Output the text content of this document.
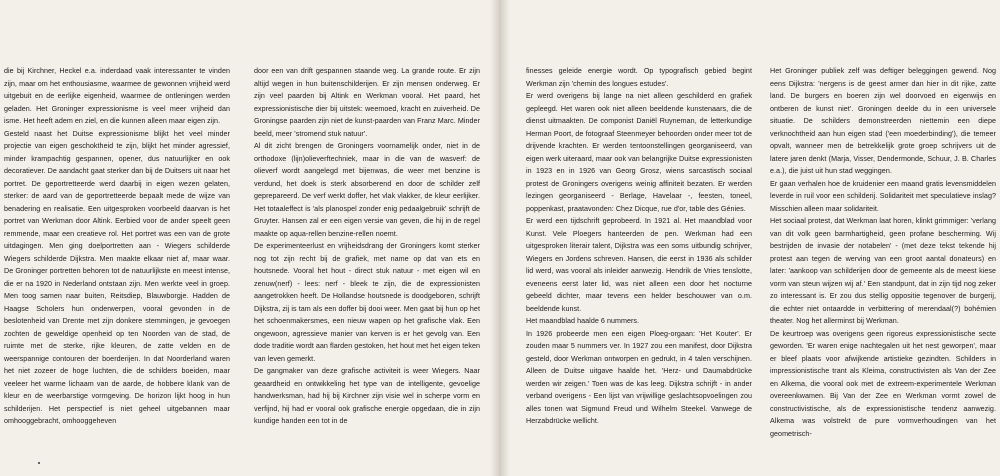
die bij Kirchner, Heckel e.a. inderdaad vaak interessanter te vinden zijn, maar om het enthousiasme, waarmee de gewonnen vrijheid werd uitgebuit en de eerlijke eigenheid, waarmee de ontleningen werden geladen. Het Groninger expressionisme is veel meer vrijheid dan isme. Het heeft adem en ziel, en die kunnen alleen maar eigen zijn.

Gesteld naast het Duitse expressionisme blijkt het veel minder projectie van eigen geschoktheid te zijn, blijkt het minder agressief, minder krampachtig gespannen, opener, dus natuurlijker en ook decoratiever. De aandacht gaat sterker dan bij de Duitsers uit naar het portret. De geportretteerde werd daarbij in eigen wezen gelaten, sterker: de aard van de geportretteerde bepaalt mede de wijze van benadering en realisatie. Een uitgesproken voorbeeld daarvan is het portret van Werkman door Altink. Eerbied voor de ander speelt geen remmende, maar een creatieve rol. Het portret was een van de grote uitdagingen. Men ging doelportretten aan - Wiegers schilderde Wiegers schilderde Dijkstra. Men maakte elkaar niet af, maar waar. De Groninger portretten behoren tot de natuurlijkste en meest intense, die er na 1920 in Nederland ontstaan zijn. Men werkte veel in groep. Men toog samen naar buiten, Reitsdiep, Blauwborgje. Hadden de Haagse Scholers hun onderwerpen, vooral gevonden in de beslotenheid van Drente met zijn donkere stemmingen, je gevoegen zochten de geweldige openheid op ten Noorden van de stad, de ruimte met de sterke, rijke kleuren, de zatte velden en de weerspannige contouren der boerderijen. In dat Noorderland waren het niet zozeer de hoge luchten, die de schilders boeiden, maar veeleer het warme lichaam van de aarde, de hobbere klank van de kleur en de weerbarstige vormgeving. De horizon lijkt hoog in hun schilderijen. Het perspectief is niet geheel uitgebannen maar omhooggebracht, omhooggeheven

door een van drift gespannen staande weg. La grande route. Er zijn altijd wegen in hun buitenschilderijen. Er zijn mensen onderweg. Er zijn veel paarden bij Altink en Werkman vooral. Het paard, het expressionistische dier bij uitstek: weemoed, kracht en zuiverheid. De Groningse paarden zijn niet de kunst-paarden van Franz Marc. Minder beeld, meer 'stromend stuk natuur'.

Al dit zicht brengen de Groningers voornamelijk onder, niet in de orthodoxe (lijn)olieverftechniek, maar in die van de wasverf: de olieverf wordt aangelegd met bijenwas, die weer met benzine is verdund, het doek is sterk absorberend en door de schilder zelf geprepareerd. De verf werkt doffer, het vlak vlakker, de kleur eerlijker. Het totaaleffect is 'als planospel zonder enig pedaalgebruik' schrijft de Gruyter. Hansen zal er een eigen versie van geven, die hij in de regel maakte op aqua-rellen benzine-rellen noemt.

De experimenteerlust en vrijheidsdrang der Groningers komt sterker nog tot zijn recht bij de grafiek, met name op dat van ets en houtsnede. Vooral het hout - direct stuk natuur - met eigen wil en zenuw(nerf) - lees: nerf - bleek te zijn, die de expressionisten aangetrokken heeft. De Hollandse houtsnede is doodgeboren, schrijft Dijkstra, zij is tam als een doffer bij dooi weer. Men gaat bij hun op het het schoenmakersmes, een nieuw wapen op het grafische vlak. Een ongewoon, agressieve manier van kerven is er het gevolg van. Een dode traditie wordt aan flarden gestoken, het hout met het eigen teken van leven gemerkt.

De gangmaker van deze grafische activiteit is weer Wiegers. Naar geaardheid en ontwikkeling het type van de intelligente, gevoelige handwerksman, had hij bij Kirchner zijn visie wel in scherpe vorm en verfijnd, hij had er vooral ook grafische energie opgedaan, die in zijn kundige handen een tot in de

finesses geleide energie wordt. Op typografisch gebied begint Werkman zijn 'chemin des longues estudes'.

Er werd overigens bij lange na niet alleen geschilderd en grafiek gepleegd. Het waren ook niet alleen beeldende kunstenaars, die de dienst uitmaakten. De componist Daniël Ruyneman, de letterkundige Herman Poort, de fotograaf Steenmeyer behoorden onder meer tot de drijvende krachten. Er werden tentoonstellingen georganiseerd, van eigen werk uiteraard, maar ook van belangrijke Duitse expressionisten in 1923 en in 1926 van Georg Grosz, wiens sarcastisch sociaal protest de Groningers overigens weinig affiniteit bezaten. Er werden lezingen georganiseerd - Berlage, Havelaar -, feesten, toneel, poppenkast, praatavonden: Chez Dicque, rue d'or, table des Génies.

Er werd een tijdschrift geprobeerd. In 1921 al. Het maandblad voor Kunst. Vele Ploegers hanteerden de pen. Werkman had een uitgesproken literair talent, Dijkstra was een soms uitbundig schrijver, Wiegers en Jordens schreven. Hansen, die eerst in 1936 als schilder lid werd, was vooral als inleider aanwezig. Hendrik de Vries tenslotte, eveneens eerst later lid, was niet alleen een door het nocturne gebeeld dichter, maar tevens een helder beschouwer van o.m. beeldende kunst.

Het maandblad haalde 6 nummers.

In 1926 probeerde men een eigen Ploeg-orgaan: 'Het Kouter'. Er zouden maar 5 nummers ver. In 1927 zou een manifest, door Dijkstra gesteld, door Werkman ontworpen en gedrukt, in 4 talen verschijnen. Alleen de Duitse uitgave haalde het. 'Herz- und Daumabdrücke werden wir zeigen.' Toen was de kas leeg. Dijkstra schrijft - in ander verband overigens - Een lijst van vrijwillige geslachtsopvoelingen zou alles tonen wat Sigmund Freud und Wilhelm Steekel. Vanwege de Herzabdrücke wellicht.

Het Groninger publiek zelf was deftiger beleggingen gewend. Nog eens Dijkstra: 'nergens is de geest armer dan hier in dit rijke, zatte land. De burgers en boeren zijn wel doorvoed en eigenwijs en ontberen de kunst niet'. Groningen deelde du in een universele situatie. De schilders demonstreerden niettemin een diepe verknochtheid aan hun eigen stad ('een moederbinding'), die temeer opvalt, wanneer men de betrekkelijk grote groep schrijvers uit de latere jaren denkt (Marja, Visser, Dendermonde, Schuur, J. B. Charles e.a.), die juist uit hun stad weggingen.

Er gaan verhalen hoe de kruidenier een maand gratis levensmiddelen leverde in ruil voor een schilderij. Solidariteit met speculatieve inslag? Misschien alleen maar solidariteit.

Het sociaal protest, dat Werkman laat horen, klinkt grimmiger: 'verlang van dit volk geen barmhartigheid, geen profane bescherming. Wij bestrijden de invasie der notabelen' - (met deze tekst tekende hij protest aan tegen de werving van een groot aantal donateurs) en later: 'aankoop van schilderijen door de gemeente als de meest kiese vorm van steun wijzen wij af.' Een standpunt, dat in zijn tijd nog zeker zo interessant is. Er zou dus stellig oppositie tegenover de burgerij, die echter niet ontaardde in verbittering of merendaal(?) bohémien theater. Nog het allerminst bij Werkman.

De keurtroep was overigens geen rigoreus expressionistische secte geworden. 'Er waren enige nachtegalen uit het nest geworpen', maar er bleef plaats voor afwijkende artistieke gezindten. Schilders in impressionistische trant als Kleima, constructivisten als Van der Zee en Alkema, die vooral ook met de extreem-experimentele Werkman overeenkwamen. Bij Van der Zee en Werkman vormt zowel de constructivistische, als de expressionistische tendenz aanwezig. Alkema was volstrekt de pure vormverhoudingen van het geometrisch-
